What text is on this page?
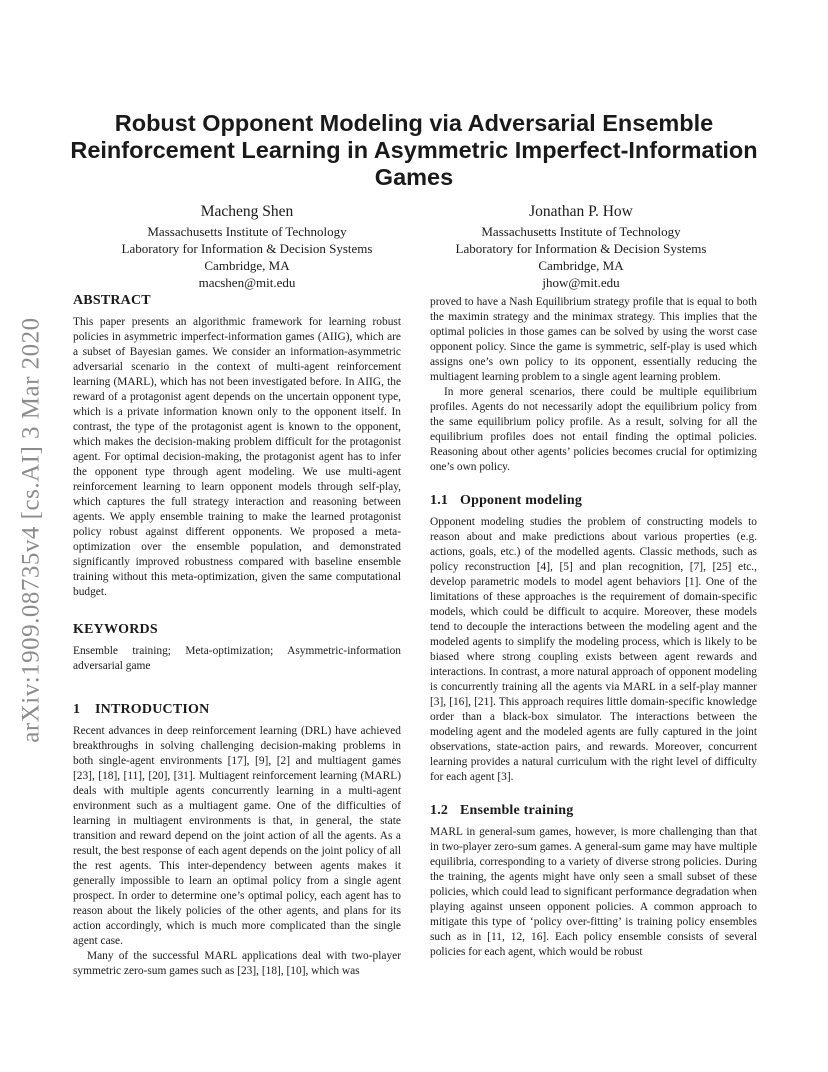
arXiv:1909.08735v4 [cs.AI] 3 Mar 2020
Robust Opponent Modeling via Adversarial Ensemble Reinforcement Learning in Asymmetric Imperfect-Information Games
Macheng Shen
Massachusetts Institute of Technology
Laboratory for Information & Decision Systems
Cambridge, MA
macshen@mit.edu
Jonathan P. How
Massachusetts Institute of Technology
Laboratory for Information & Decision Systems
Cambridge, MA
jhow@mit.edu
ABSTRACT

This paper presents an algorithmic framework for learning robust policies in asymmetric imperfect-information games (AIIG), which are a subset of Bayesian games. We consider an information-asymmetric adversarial scenario in the context of multi-agent reinforcement learning (MARL), which has not been investigated before. In AIIG, the reward of a protagonist agent depends on the uncertain opponent type, which is a private information known only to the opponent itself. In contrast, the type of the protagonist agent is known to the opponent, which makes the decision-making problem difficult for the protagonist agent. For optimal decision-making, the protagonist agent has to infer the opponent type through agent modeling. We use multi-agent reinforcement learning to learn opponent models through self-play, which captures the full strategy interaction and reasoning between agents. We apply ensemble training to make the learned protagonist policy robust against different opponents. We proposed a meta-optimization over the ensemble population, and demonstrated significantly improved robustness compared with baseline ensemble training without this meta-optimization, given the same computational budget.

KEYWORDS

Ensemble training; Meta-optimization; Asymmetric-information adversarial game

1 INTRODUCTION

Recent advances in deep reinforcement learning (DRL) have achieved breakthroughs in solving challenging decision-making problems in both single-agent environments [17], [9], [2] and multiagent games [23], [18], [11], [20], [31]. Multiagent reinforcement learning (MARL) deals with multiple agents concurrently learning in a multi-agent environment such as a multiagent game. One of the difficulties of learning in multiagent environments is that, in general, the state transition and reward depend on the joint action of all the agents. As a result, the best response of each agent depends on the joint policy of all the rest agents. This inter-dependency between agents makes it generally impossible to learn an optimal policy from a single agent prospect. In order to determine one’s optimal policy, each agent has to reason about the likely policies of the other agents, and plans for its action accordingly, which is much more complicated than the single agent case.

Many of the successful MARL applications deal with two-player symmetric zero-sum games such as [23], [18], [10], which was

proved to have a Nash Equilibrium strategy profile that is equal to both the maximin strategy and the minimax strategy. This implies that the optimal policies in those games can be solved by using the worst case opponent policy. Since the game is symmetric, self-play is used which assigns one’s own policy to its opponent, essentially reducing the multiagent learning problem to a single agent learning problem.

In more general scenarios, there could be multiple equilibrium profiles. Agents do not necessarily adopt the equilibrium policy from the same equilibrium policy profile. As a result, solving for all the equilibrium profiles does not entail finding the optimal policies. Reasoning about other agents’ policies becomes crucial for optimizing one’s own policy.

1.1 Opponent modeling

Opponent modeling studies the problem of constructing models to reason about and make predictions about various properties (e.g. actions, goals, etc.) of the modelled agents. Classic methods, such as policy reconstruction [4], [5] and plan recognition, [7], [25] etc., develop parametric models to model agent behaviors [1]. One of the limitations of these approaches is the requirement of domain-specific models, which could be difficult to acquire. Moreover, these models tend to decouple the interactions between the modeling agent and the modeled agents to simplify the modeling process, which is likely to be biased where strong coupling exists between agent rewards and interactions. In contrast, a more natural approach of opponent modeling is concurrently training all the agents via MARL in a self-play manner [3], [16], [21]. This approach requires little domain-specific knowledge order than a black-box simulator. The interactions between the modeling agent and the modeled agents are fully captured in the joint observations, state-action pairs, and rewards. Moreover, concurrent learning provides a natural curriculum with the right level of difficulty for each agent [3].

1.2 Ensemble training

MARL in general-sum games, however, is more challenging than that in two-player zero-sum games. A general-sum game may have multiple equilibria, corresponding to a variety of diverse strong policies. During the training, the agents might have only seen a small subset of these policies, which could lead to significant performance degradation when playing against unseen opponent policies. A common approach to mitigate this type of ‘policy over-fitting’ is training policy ensembles such as in [11, 12, 16]. Each policy ensemble consists of several policies for each agent, which would be robust
